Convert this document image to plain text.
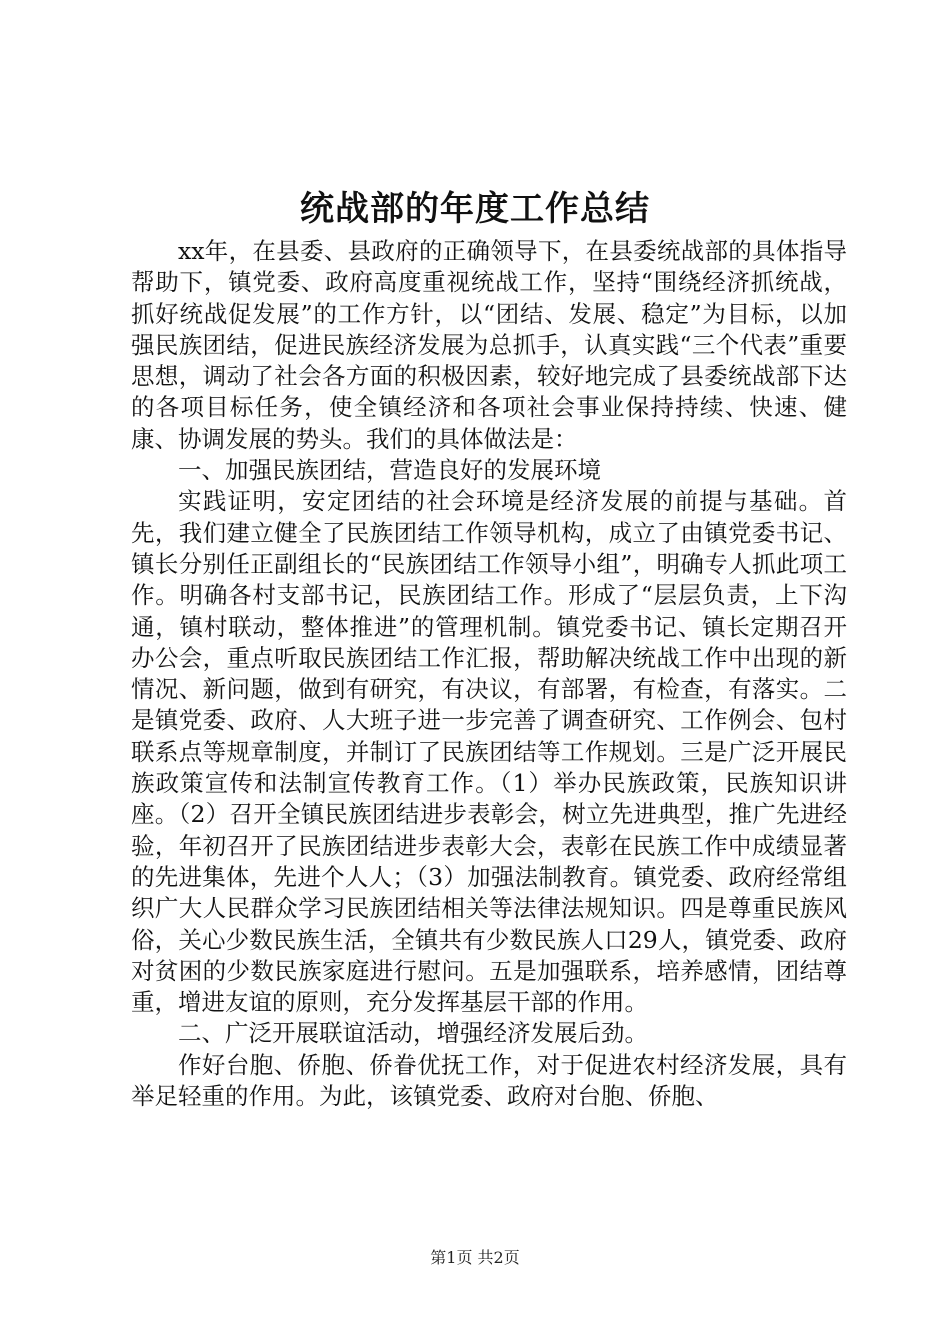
统战部的年度工作总结

xx年，在县委、县政府的正确领导下，在县委统战部的具体指导帮助下，镇党委、政府高度重视统战工作，坚持“围绕经济抓统战，抓好统战促发展”的工作方针，以“团结、发展、稳定”为目标，以加强民族团结，促进民族经济发展为总抓手，认真实践“三个代表”重要思想，调动了社会各方面的积极因素，较好地完成了县委统战部下达的各项目标任务，使全镇经济和各项社会事业保持持续、快速、健康、协调发展的势头。我们的具体做法是：

一、加强民族团结，营造良好的发展环境

实践证明，安定团结的社会环境是经济发展的前提与基础。首先，我们建立健全了民族团结工作领导机构，成立了由镇党委书记、镇长分别任正副组长的“民族团结工作领导小组”，明确专人抓此项工作。明确各村支部书记，民族团结工作。形成了“层层负责，上下沟通，镇村联动，整体推进”的管理机制。镇党委书记、镇长定期召开办公会，重点听取民族团结工作汇报，帮助解决统战工作中出现的新情况、新问题，做到有研究，有决议，有部署，有检查，有落实。二是镇党委、政府、人大班子进一步完善了调查研究、工作例会、包村联系点等规章制度，并制订了民族团结等工作规划。三是广泛开展民族政策宣传和法制宣传教育工作。（1）举办民族政策，民族知识讲座。（2）召开全镇民族团结进步表彰会，树立先进典型，推广先进经验，年初召开了民族团结进步表彰大会，表彰在民族工作中成绩显著的先进集体，先进个人人；（3）加强法制教育。镇党委、政府经常组织广大人民群众学习民族团结相关等法律法规知识。四是尊重民族风俗，关心少数民族生活，全镇共有少数民族人口29人，镇党委、政府对贫困的少数民族家庭进行慰问。五是加强联系，培养感情，团结尊重，增进友谊的原则，充分发挥基层干部的作用。

二、广泛开展联谊活动，增强经济发展后劲。

作好台胞、侨胞、侨眷优抚工作，对于促进农村经济发展，具有举足轻重的作用。为此，该镇党委、政府对台胞、侨胞、

第1页 共2页
